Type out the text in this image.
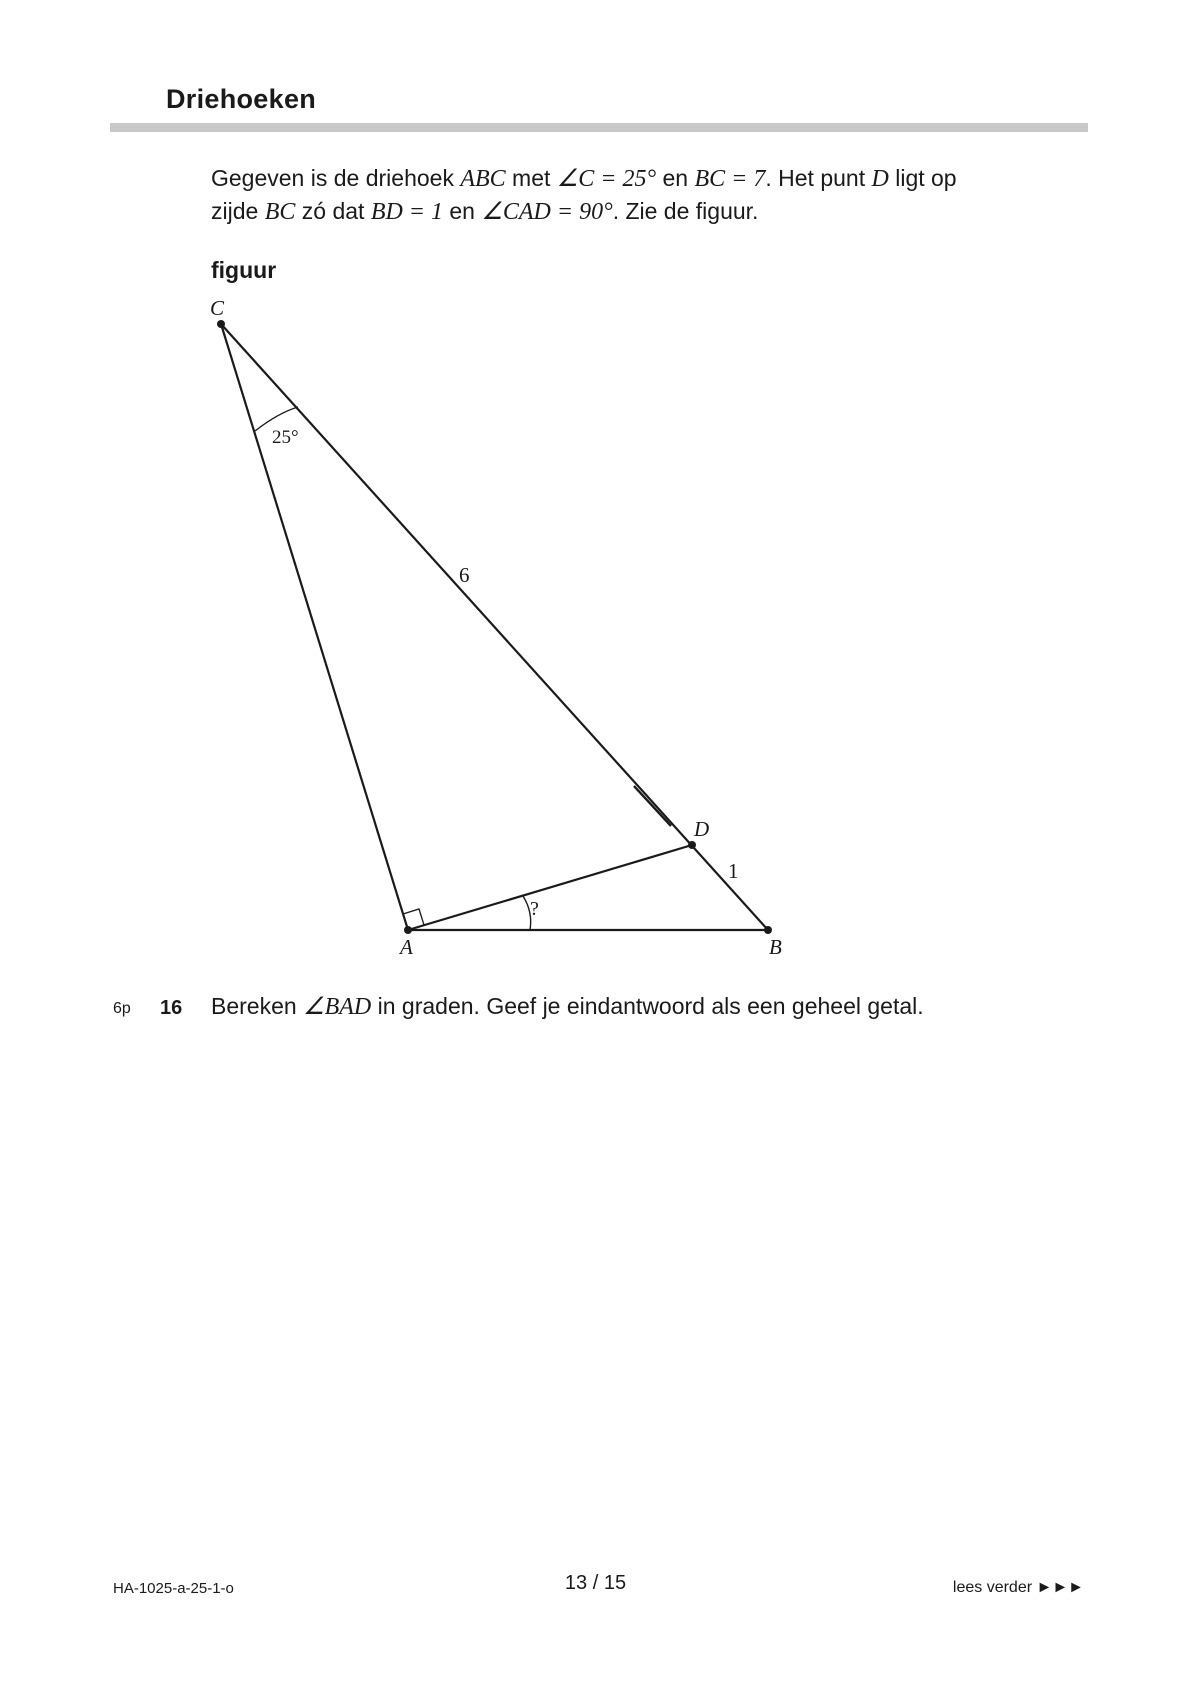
Driehoeken
Gegeven is de driehoek ABC met ∠C = 25° en BC = 7. Het punt D ligt op
zijde BC zó dat BD = 1 en ∠CAD = 90°. Zie de figuur.
figuur
C
A	B
D
25°
6
1
?
6p 16 Bereken ∠BAD in graden. Geef je eindantwoord als een geheel getal.
HA-1025-a-25-1-o	13 / 15	lees verder ►►►
